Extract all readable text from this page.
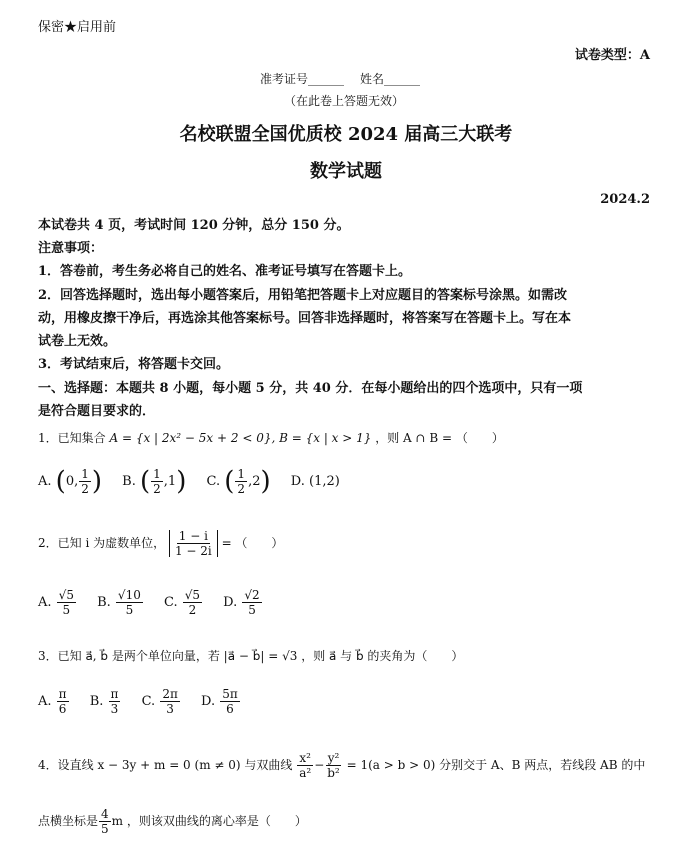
保密★启用前
试卷类型：A
准考证号______ 姓名______
（在此卷上答题无效）
名校联盟全国优质校 2024 届高三大联考
数学试题
2024.2
本试卷共 4 页，考试时间 120 分钟，总分 150 分。
注意事项：
1．答卷前，考生务必将自己的姓名、准考证号填写在答题卡上。
2．回答选择题时，选出每小题答案后，用铅笔把答题卡上对应题目的答案标号涂黑。如需改
动，用橡皮擦干净后，再选涂其他答案标号。回答非选择题时，将答案写在答题卡上。写在本
试卷上无效。
3．考试结束后，将答题卡交回。
一、选择题：本题共 8 小题，每小题 5 分，共 40 分．在每小题给出的四个选项中，只有一项
是符合题目要求的．
1．已知集合 A = {x | 2x² − 5x + 2 < 0}, B = {x | x > 1} ，则 A ∩ B = （　　）
A. (0, $\frac{1}{2}$ ) B. ( $\frac{1}{2} ,1$) C. ( $\frac{1}{2} ,2$) D. (1,2)
2．已知 i 为虚数单位， $\frac{1 - i}{1 - 2i}$ = （　　）
A. $\frac{√5}{5} B$. $\frac{√10}{5} C$. $\frac{√5}{2} D$. $\frac{√2}{5}$
3．已知 a⃗, b⃗ 是两个单位向量，若 |a⃗ − b⃗| = √3 ，则 a⃗ 与 b⃗ 的夹角为（　　）
A. $\frac{\pi}{6} B$. $\frac{\pi}{3} C$. $\frac{2\pi}{3} D$. $\frac{5\pi}{6}$
4．设直线 x − 3y + m = 0 (m ≠ 0) 与双曲线 $\frac{\text{x²}}{\text{a²}} - \frac{\text{y²}}{\text{b²}} = 1(a > b > 0)$ 分别交于 A、B 两点，若线段 AB 的中
点横坐标是 $\frac{4}{5}$ m ，则该双曲线的离心率是（　　）
